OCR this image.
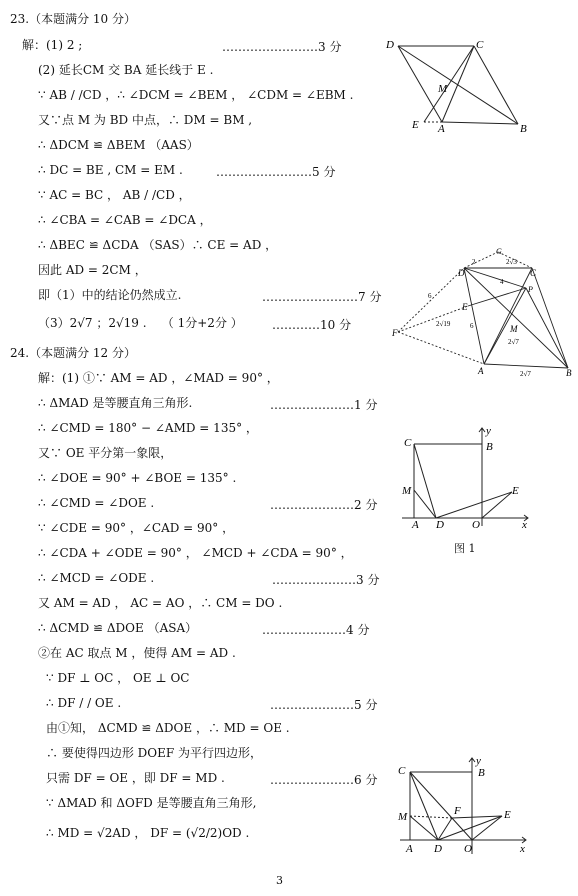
23.（本题满分 10 分）
解：(1) 2 ;	……………………3 分
(2) 延长CM 交 BA 延长线于 E .
∵ AB / /CD ，∴ ∠DCM = ∠BEM ， ∠CDM = ∠EBM .
又∵点 M 为 BD 中点，∴ DM = BM ,
∴ ΔDCM ≌ ΔBEM （AAS）
∴ DC = BE , CM = EM .	……………………5 分
∵ AC = BC ， AB / /CD ，
∴ ∠CBA = ∠CAB = ∠DCA ，
∴ ΔBEC ≌ ΔCDA （SAS）∴ CE = AD ，
因此 AD = 2CM ，
即（1）中的结论仍然成立.	……………………7 分
（3）2√7 ；2√19 .    （ 1分+2分 ） …………10 分
24.（本题满分 12 分）
解：(1) ①∵ AM = AD ，∠MAD = 90° ，
∴ ΔMAD 是等腰直角三角形.	…………………1 分
∴ ∠CMD = 180° − ∠AMD = 135° ，
又∵ OE 平分第一象限，
∴ ∠DOE = 90° + ∠BOE = 135° .
∴ ∠CMD = ∠DOE .	…………………2 分
∵ ∠CDE = 90° ，∠CAD = 90° ，
∴ ∠CDA + ∠ODE = 90° ， ∠MCD + ∠CDA = 90° ，
∴ ∠MCD = ∠ODE .	…………………3 分
又 AM = AD ， AC = AO ，∴ CM = DO .
∴ ΔCMD ≌ ΔDOE （ASA）	…………………4 分
②在 AC 取点 M ，使得 AM = AD .
∵ DF ⊥ OC ， OE ⊥ OC
∴ DF / / OE .	…………………5 分
由①知， ΔCMD ≌ ΔDOE ，∴ MD = OE .
∴ 要使得四边形 DOEF 为平行四边形，
只需 DF = OE ，即 DF = MD .	…………………6 分
∵ ΔMAD 和 ΔOFD 是等腰直角三角形,
∴ MD = √2AD ， DF = (√2/2)OD .
D	C
M
E A	B
G
D	C
2	2√3
4
P
6
E
F
2√19	6	M
2√7
A	2√7	B
y
C	B
M	E
A D	O	x
图 1
y
C	B
M	F	E
A D O	x
3
